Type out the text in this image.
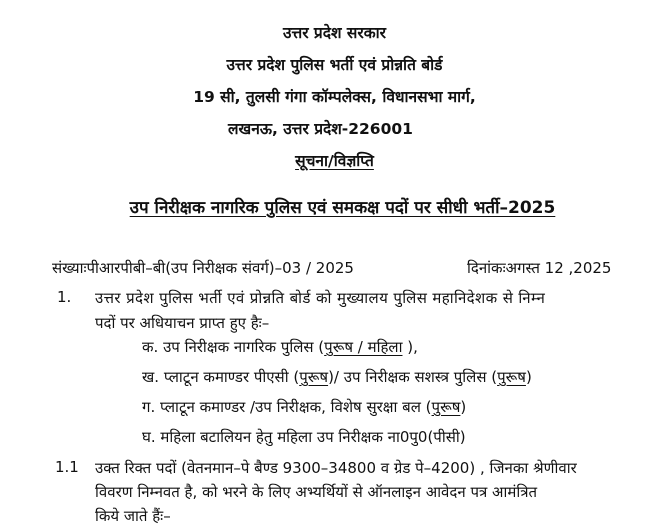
उत्तर प्रदेश सरकार
उत्तर प्रदेश पुलिस भर्ती एवं प्रोन्नति बोर्ड
19 सी, तुलसी गंगा कॉम्पलेक्स, विधानसभा मार्ग,
लखनऊ, उत्तर प्रदेश-226001
सूचना/विज्ञप्ति
उप निरीक्षक नागरिक पुलिस एवं समकक्ष पदों पर सीधी भर्ती–2025
संख्याःपीआरपीबी–बी(उप निरीक्षक संवर्ग)–03 / 2025	दिनांकःअगस्त 12 ,2025
1. उत्तर प्रदेश पुलिस भर्ती एवं प्रोन्नति बोर्ड को मुख्यालय पुलिस महानिदेशक से निम्न
पदों पर अधियाचन प्राप्त हुए हैः–
क. उप निरीक्षक नागरिक पुलिस (पुरूष / महिला ),
ख. प्लाटून कमाण्डर पीएसी (पुरूष)/ उप निरीक्षक सशस्त्र पुलिस (पुरूष)
ग. प्लाटून कमाण्डर /उप निरीक्षक, विशेष सुरक्षा बल (पुरूष)
घ. महिला बटालियन हेतु महिला उप निरीक्षक ना0पु0(पीसी)
1.1 उक्त रिक्त पदों (वेतनमान–पे बैण्ड 9300–34800 व ग्रेड पे–4200) , जिनका श्रेणीवार
विवरण निम्नवत है, को भरने के लिए अभ्यर्थियों से ऑनलाइन आवेदन पत्र आमंत्रित
किये जाते हैंः–
